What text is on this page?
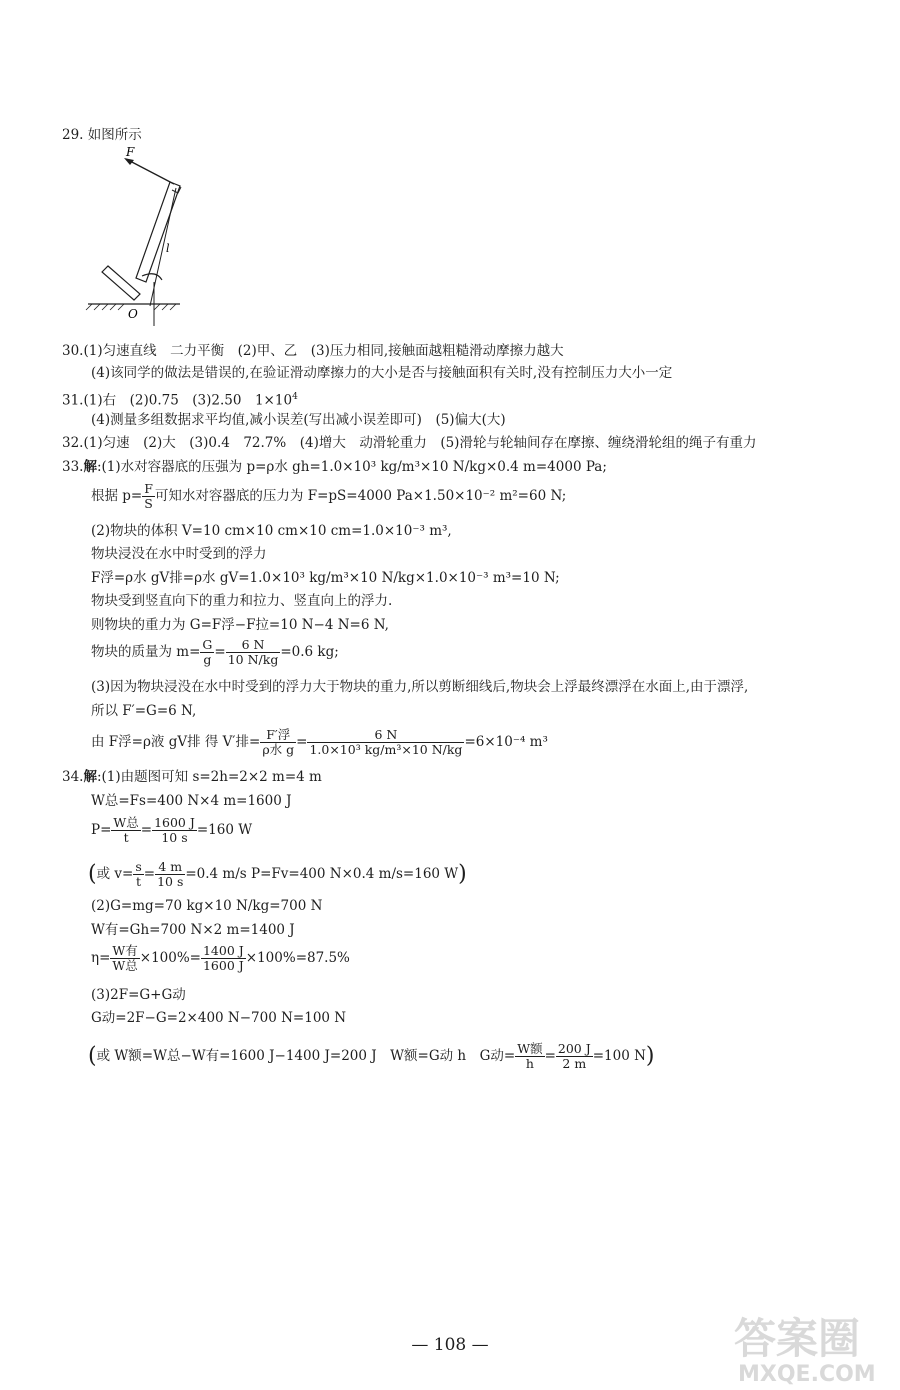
29. 如图所示
F
l
O
30.(1)匀速直线　二力平衡　(2)甲、乙　(3)压力相同,接触面越粗糙滑动摩擦力越大
(4)该同学的做法是错误的,在验证滑动摩擦力的大小是否与接触面积有关时,没有控制压力大小一定
31.(1)右　(2)0.75　(3)2.50　$1\times 10^4$
(4)测量多组数据求平均值,减小误差(写出减小误差即可)　(5)偏大(大)
32.(1)匀速　(2)大　(3)0.4　72.7%　(4)增大　动滑轮重力　(5)滑轮与轮轴间存在摩擦、缠绕滑轮组的绳子有重力
33.解:(1)水对容器底的压强为 p=ρ水 gh=1.0×10³ kg/m³×10 N/kg×0.4 m=4000 Pa;
根据 $p= \frac{F}{S}$ 可知水对容器底的压力为 F=pS=4000 Pa×1.50×10⁻² m²=60 N;
(2)物块的体积 V=10 cm×10 cm×10 cm=1.0×10⁻³ m³,
物块浸没在水中时受到的浮力
F浮=ρ水 gV排=ρ水 gV=1.0×10³ kg/m³×10 N/kg×1.0×10⁻³ m³=10 N;
物块受到竖直向下的重力和拉力、竖直向上的浮力.
则物块的重力为 G=F浮−F拉=10 N−4 N=6 N,
物块的质量为 $m= \frac{G}{g} = \frac{6 N}{10 N/kg} =0.6$ kg;
(3)因为物块浸没在水中时受到的浮力大于物块的重力,所以剪断细线后,物块会上浮最终漂浮在水面上,由于漂浮,
所以 F′=G=6 N,
由 F浮=ρ液 gV排 得 V′排= $\frac{\text{F′浮}}{\text{ρ水 g}} = \frac{6 N}{\text{1.0×10³ kg/m³×10 N/kg}} =6\times 10^{-4}$ m³
34.解:(1)由题图可知 s=2h=2×2 m=4 m
W总=Fs=400 N×4 m=1600 J
$P= \frac{\text{W总}}{t} = \frac{1600 J}{10 s} =160$ W
(或 $v= \frac{s}{t} = \frac{4 m}{10 s} =0.4$ m/s P=Fv=400 N×0.4 m/s=160 W)
(2)G=mg=70 kg×10 N/kg=700 N
W有=Gh=700 N×2 m=1400 J
$\eta= \frac{\text{W有}}{\text{W总}} \times 100\%= \frac{1400 J}{1600 J} \times 100\%=87.5\%$
(3)2F=G+G动
G动=2F−G=2×400 N−700 N=100 N
(或 W额=W总−W有=1600 J−1400 J=200 J　W额=G动 h　G动= $\frac{\text{W额}}{h} = \frac{200 J}{2 m} =100$ N)
— 108 —	答案圈
MXQE.COM
